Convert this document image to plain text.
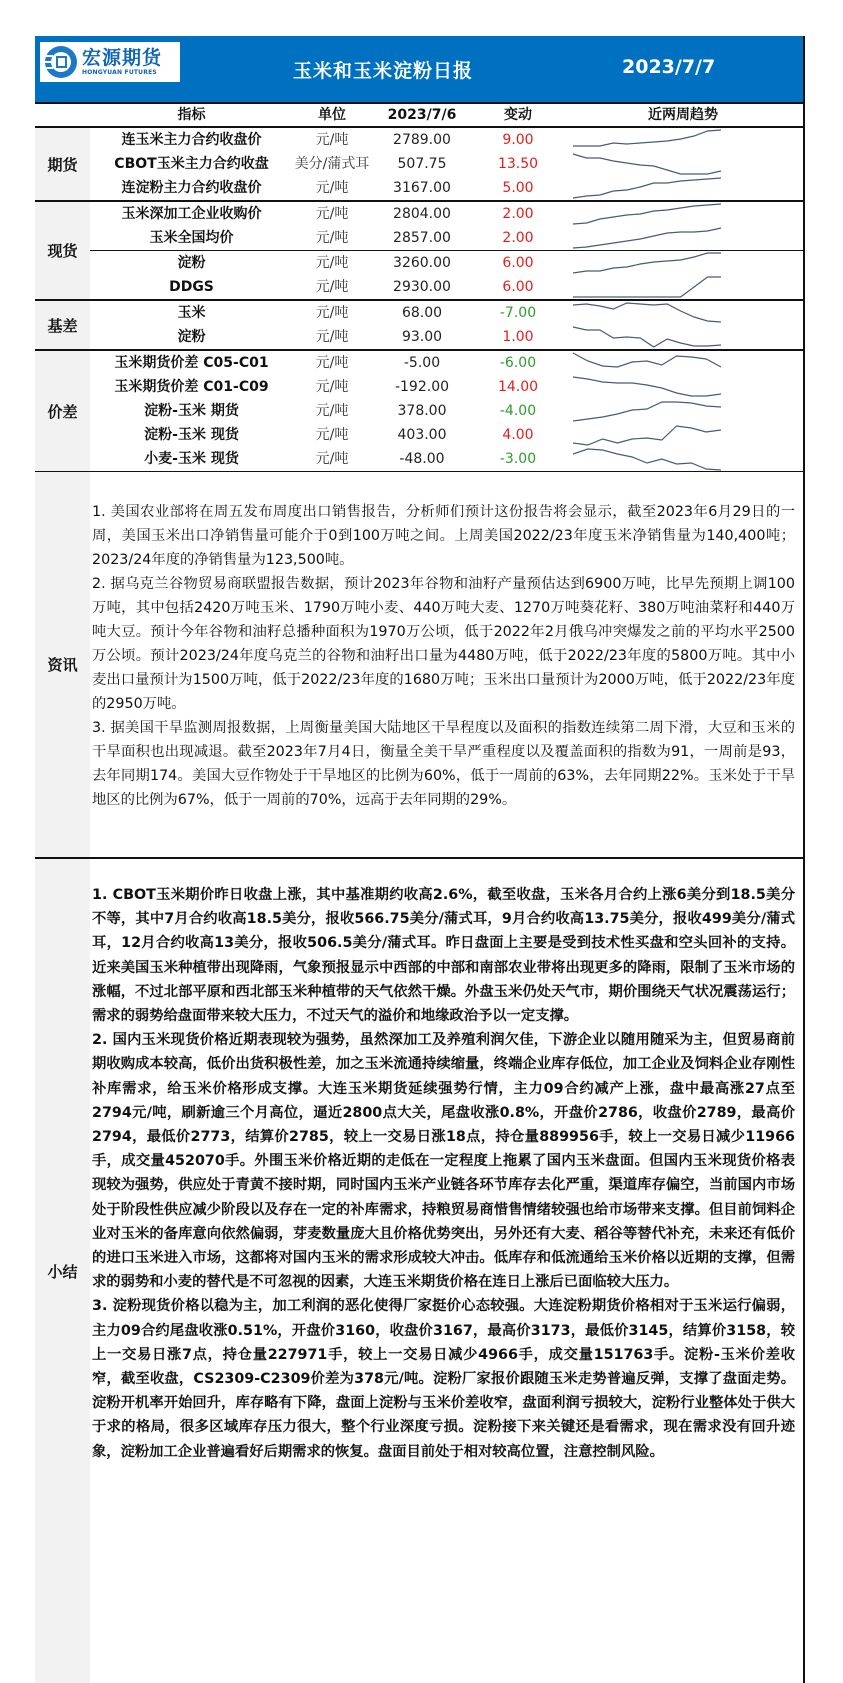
宏源期货
HONGYUAN FUTURES	玉米和玉米淀粉日报	2023/7/7
指标	单位	2023/7/6	变动	近两周趋势
期货
连玉米主力合约收盘价	元/吨	2789.00	9.00
CBOT玉米主力合约收盘	美分/蒲式耳	507.75	13.50
连淀粉主力合约收盘价	元/吨	3167.00	5.00
现货
玉米深加工企业收购价	元/吨	2804.00	2.00
玉米全国均价	元/吨	2857.00	2.00
淀粉	元/吨	3260.00	6.00
DDGS	元/吨	2930.00	6.00
基差
玉米	元/吨	68.00	-7.00
淀粉	元/吨	93.00	1.00
价差
玉米期货价差 C05-C01	元/吨	-5.00	-6.00
玉米期货价差 C01-C09	元/吨	-192.00	14.00
淀粉-玉米 期货	元/吨	378.00	-4.00
淀粉-玉米 现货	元/吨	403.00	4.00
小麦-玉米 现货	元/吨	-48.00	-3.00
资讯

1. 美国农业部将在周五发布周度出口销售报告，分析师们预计这份报告将会显示，截至2023年6月29日的一周，美国玉米出口净销售量可能介于0到100万吨之间。上周美国2022/23年度玉米净销售量为140,400吨；2023/24年度的净销售量为123,500吨。

2. 据乌克兰谷物贸易商联盟报告数据，预计2023年谷物和油籽产量预估达到6900万吨，比早先预期上调100万吨，其中包括2420万吨玉米、1790万吨小麦、440万吨大麦、1270万吨葵花籽、380万吨油菜籽和440万吨大豆。预计今年谷物和油籽总播种面积为1970万公顷，低于2022年2月俄乌冲突爆发之前的平均水平2500万公顷。预计2023/24年度乌克兰的谷物和油籽出口量为4480万吨，低于2022/23年度的5800万吨。其中小麦出口量预计为1500万吨，低于2022/23年度的1680万吨；玉米出口量预计为2000万吨，低于2022/23年度的2950万吨。

3. 据美国干旱监测周报数据，上周衡量美国大陆地区干旱程度以及面积的指数连续第二周下滑，大豆和玉米的干旱面积也出现减退。截至2023年7月4日，衡量全美干旱严重程度以及覆盖面积的指数为91，一周前是93，去年同期174。美国大豆作物处于干旱地区的比例为60%，低于一周前的63%，去年同期22%。玉米处于干旱地区的比例为67%，低于一周前的70%，远高于去年同期的29%。

小结

1. CBOT玉米期价昨日收盘上涨，其中基准期约收高2.6%，截至收盘，玉米各月合约上涨6美分到18.5美分不等，其中7月合约收高18.5美分，报收566.75美分/蒲式耳，9月合约收高13.75美分，报收499美分/蒲式耳，12月合约收高13美分，报收506.5美分/蒲式耳。昨日盘面上主要是受到技术性买盘和空头回补的支持。近来美国玉米种植带出现降雨，气象预报显示中西部的中部和南部农业带将出现更多的降雨，限制了玉米市场的涨幅，不过北部平原和西北部玉米种植带的天气依然干燥。外盘玉米仍处天气市，期价围绕天气状况震荡运行；需求的弱势给盘面带来较大压力，不过天气的溢价和地缘政治予以一定支撑。

2. 国内玉米现货价格近期表现较为强势，虽然深加工及养殖利润欠佳，下游企业以随用随采为主，但贸易商前期收购成本较高，低价出货积极性差，加之玉米流通持续缩量，终端企业库存低位，加工企业及饲料企业存刚性补库需求，给玉米价格形成支撑。大连玉米期货延续强势行情，主力09合约减产上涨，盘中最高涨27点至2794元/吨，刷新逾三个月高位，逼近2800点大关，尾盘收涨0.8%，开盘价2786，收盘价2789，最高价2794，最低价2773，结算价2785，较上一交易日涨18点，持仓量889956手，较上一交易日减少11966手，成交量452070手。外围玉米价格近期的走低在一定程度上拖累了国内玉米盘面。但国内玉米现货价格表现较为强势，供应处于青黄不接时期，同时国内玉米产业链各环节库存去化严重，渠道库存偏空，当前国内市场处于阶段性供应减少阶段以及存在一定的补库需求，持粮贸易商惜售情绪较强也给市场带来支撑。但目前饲料企业对玉米的备库意向依然偏弱，芽麦数量庞大且价格优势突出，另外还有大麦、稻谷等替代补充，未来还有低价的进口玉米进入市场，这都将对国内玉米的需求形成较大冲击。低库存和低流通给玉米价格以近期的支撑，但需求的弱势和小麦的替代是不可忽视的因素，大连玉米期货价格在连日上涨后已面临较大压力。

3. 淀粉现货价格以稳为主，加工利润的恶化使得厂家挺价心态较强。大连淀粉期货价格相对于玉米运行偏弱，主力09合约尾盘收涨0.51%，开盘价3160，收盘价3167，最高价3173，最低价3145，结算价3158，较上一交易日涨7点，持仓量227971手，较上一交易日减少4966手，成交量151763手。淀粉-玉米价差收窄，截至收盘，CS2309-C2309价差为378元/吨。淀粉厂家报价跟随玉米走势普遍反弹，支撑了盘面走势。淀粉开机率开始回升，库存略有下降，盘面上淀粉与玉米价差收窄，盘面利润亏损较大，淀粉行业整体处于供大于求的格局，很多区域库存压力很大，整个行业深度亏损。淀粉接下来关键还是看需求，现在需求没有回升迹象，淀粉加工企业普遍看好后期需求的恢复。盘面目前处于相对较高位置，注意控制风险。
